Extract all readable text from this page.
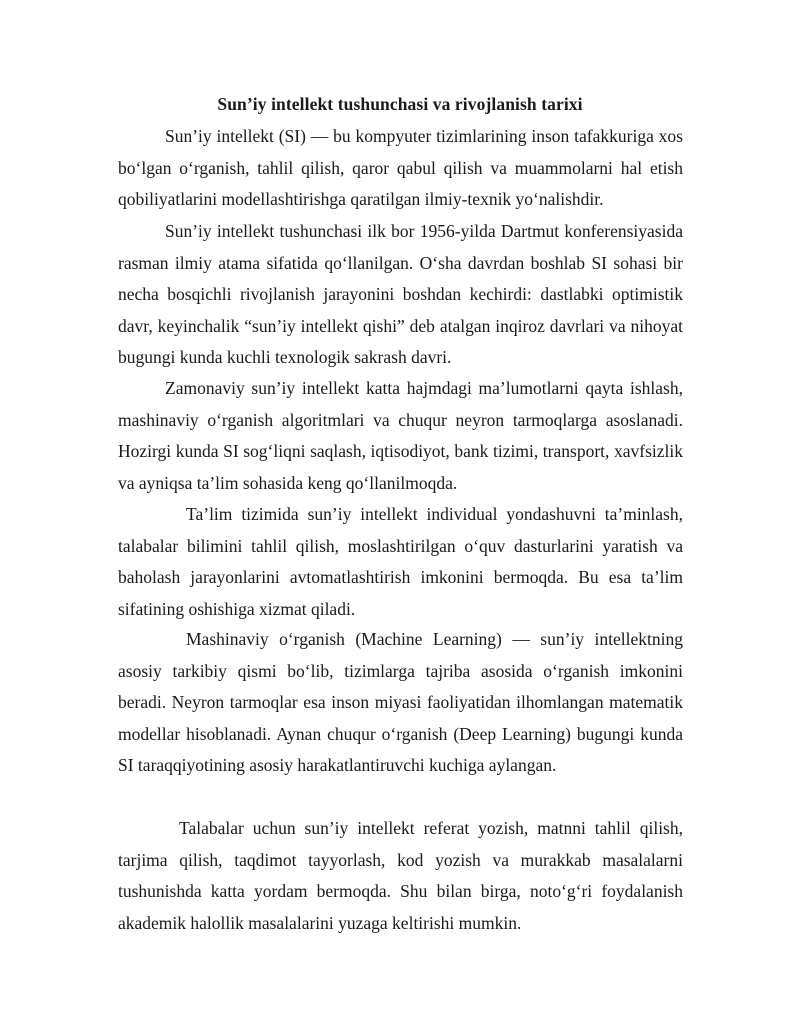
Sun’iy intellekt tushunchasi va rivojlanish tarixi

Sun’iy intellekt (SI) — bu kompyuter tizimlarining inson tafakkuriga xos bo‘lgan o‘rganish, tahlil qilish, qaror qabul qilish va muammolarni hal etish qobiliyatlarini modellashtirishga qaratilgan ilmiy-texnik yo‘nalishdir.

Sun’iy intellekt tushunchasi ilk bor 1956-yilda Dartmut konferensiyasida rasman ilmiy atama sifatida qo‘llanilgan. O‘sha davrdan boshlab SI sohasi bir necha bosqichli rivojlanish jarayonini boshdan kechirdi: dastlabki optimistik davr, keyinchalik “sun’iy intellekt qishi” deb atalgan inqiroz davrlari va nihoyat bugungi kunda kuchli texnologik sakrash davri.

Zamonaviy sun’iy intellekt katta hajmdagi ma’lumotlarni qayta ishlash, mashinaviy o‘rganish algoritmlari va chuqur neyron tarmoqlarga asoslanadi. Hozirgi kunda SI sog‘liqni saqlash, iqtisodiyot, bank tizimi, transport, xavfsizlik va ayniqsa ta’lim sohasida keng qo‘llanilmoqda.

Ta’lim tizimida sun’iy intellekt individual yondashuvni ta’minlash, talabalar bilimini tahlil qilish, moslashtirilgan o‘quv dasturlarini yaratish va baholash jarayonlarini avtomatlashtirish imkonini bermoqda. Bu esa ta’lim sifatining oshishiga xizmat qiladi.

Mashinaviy o‘rganish (Machine Learning) — sun’iy intellektning asosiy tarkibiy qismi bo‘lib, tizimlarga tajriba asosida o‘rganish imkonini beradi. Neyron tarmoqlar esa inson miyasi faoliyatidan ilhomlangan matematik modellar hisoblanadi. Aynan chuqur o‘rganish (Deep Learning) bugungi kunda SI taraqqiyotining asosiy harakatlantiruvchi kuchiga aylangan.

Talabalar uchun sun’iy intellekt referat yozish, matnni tahlil qilish, tarjima qilish, taqdimot tayyorlash, kod yozish va murakkab masalalarni tushunishda katta yordam bermoqda. Shu bilan birga, noto‘g‘ri foydalanish akademik halollik masalalarini yuzaga keltirishi mumkin.
